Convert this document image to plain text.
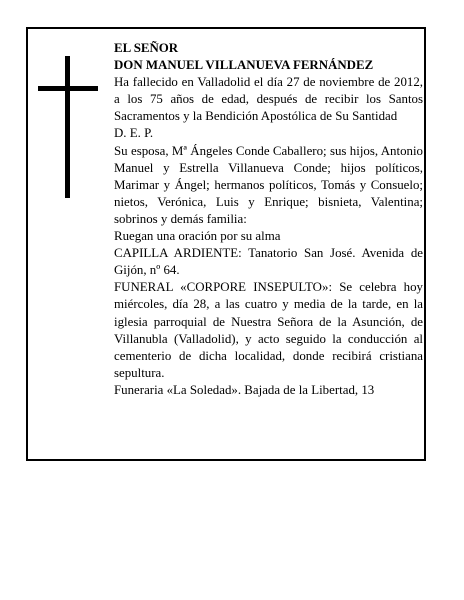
EL SEÑOR

DON MANUEL VILLANUEVA FERNÁNDEZ

Ha fallecido en Valladolid el día 27 de noviembre de 2012, a los 75 años de edad, después de recibir los Santos Sacramentos y la Bendición Apostólica de Su Santidad

D. E. P.

Su esposa, Mª Ángeles Conde Caballero; sus hijos, Antonio Manuel y Estrella Villanueva Conde; hijos políticos, Marimar y Ángel; hermanos políticos, Tomás y Consuelo; nietos, Verónica, Luis y Enrique; bisnieta, Valentina; sobrinos y demás familia:

Ruegan una oración por su alma

CAPILLA ARDIENTE: Tanatorio San José. Avenida de Gijón, nº 64.

FUNERAL «CORPORE INSEPULTO»: Se celebra hoy miércoles, día 28, a las cuatro y media de la tarde, en la iglesia parroquial de Nuestra Señora de la Asunción, de Villanubla (Valladolid), y acto seguido la conducción al cementerio de dicha localidad, donde recibirá cristiana sepultura.

Funeraria «La Soledad». Bajada de la Libertad, 13
